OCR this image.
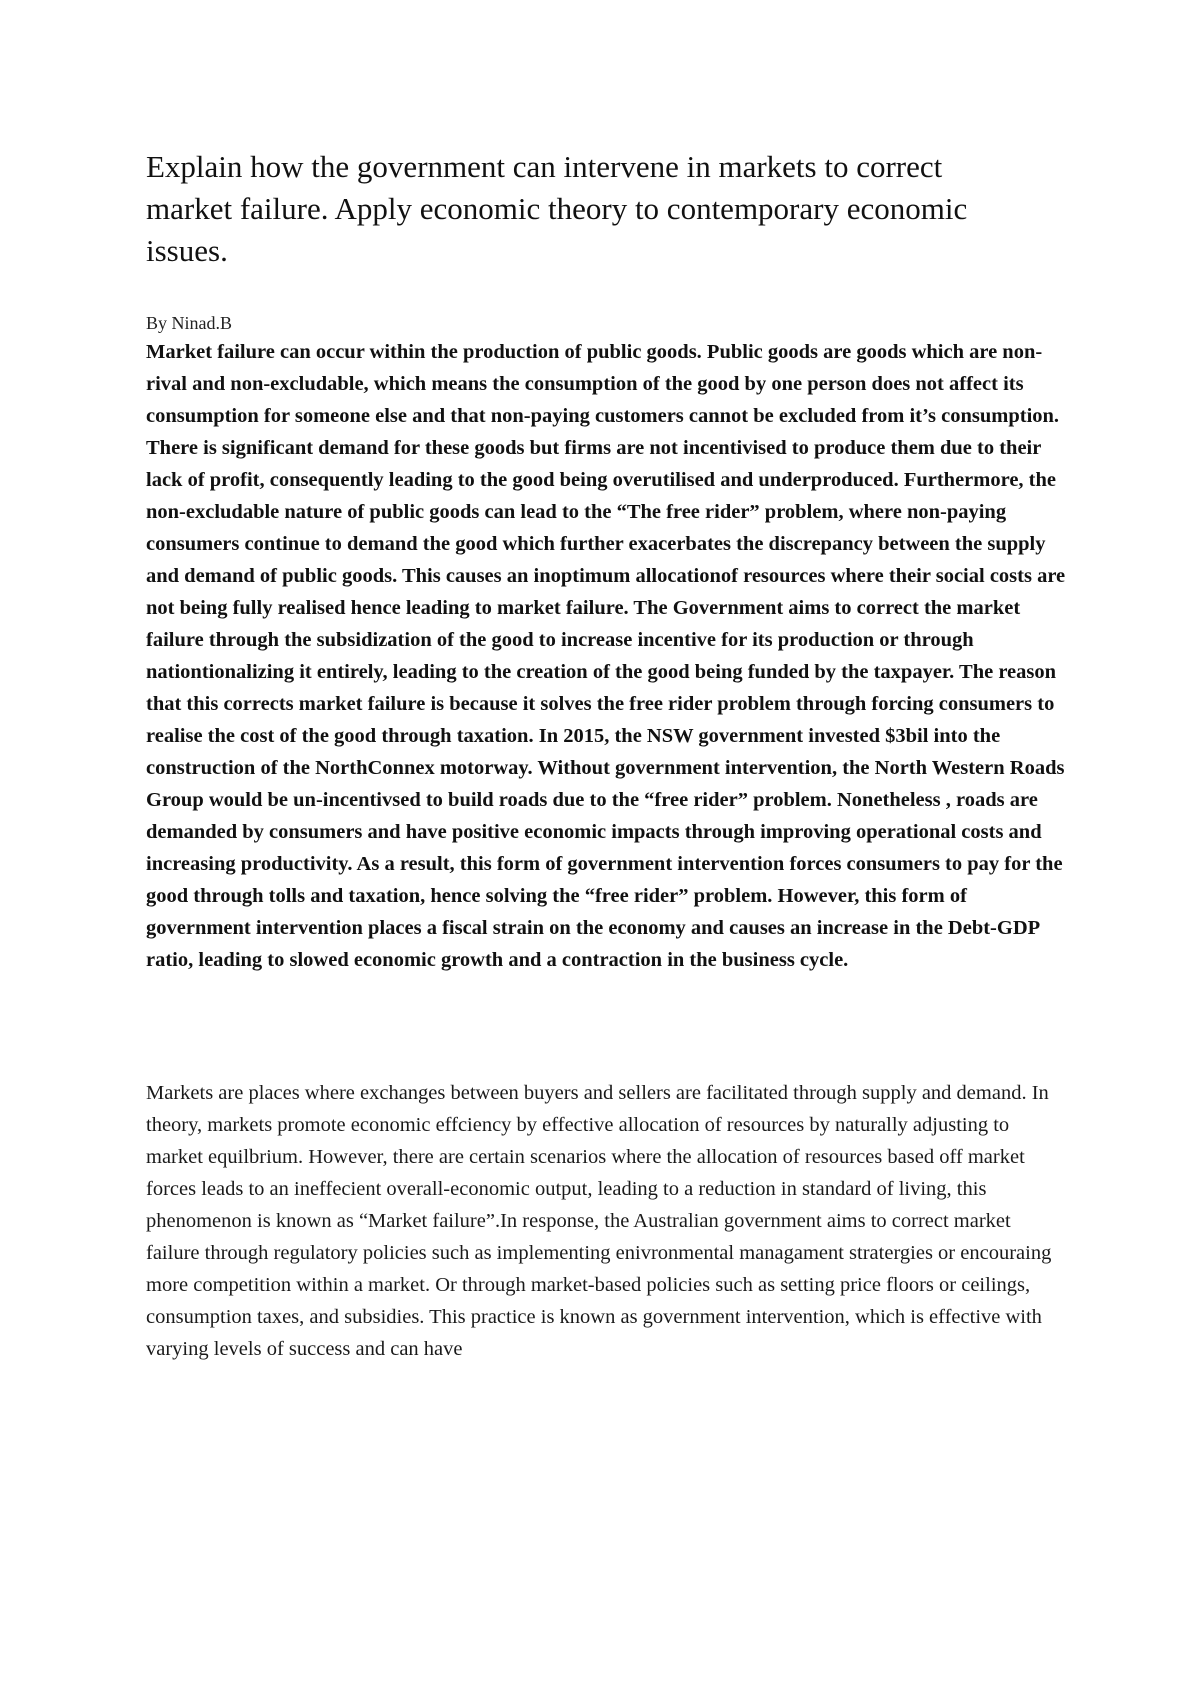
Explain how the government can intervene in markets to correct market failure. Apply economic theory to contemporary economic issues.
By Ninad.B

Market failure can occur within the production of public goods. Public goods are goods which are non-rival and non-excludable, which means the consumption of the good by one person does not affect its consumption for someone else and that non-paying customers cannot be excluded from it’s consumption. There is significant demand for these goods but firms are not incentivised to produce them due to their lack of profit, consequently leading to the good being overutilised and underproduced. Furthermore, the non-excludable nature of public goods can lead to the “The free rider” problem, where non-paying consumers continue to demand the good which further exacerbates the discrepancy between the supply and demand of public goods. This causes an inoptimum allocationof resources where their social costs are not being fully realised hence leading to market failure. The Government aims to correct the market failure through the subsidization of the good to increase incentive for its production or through nationtionalizing it entirely, leading to the creation of the good being funded by the taxpayer. The reason that this corrects market failure is because it solves the free rider problem through forcing consumers to realise the cost of the good through taxation. In 2015, the NSW government invested $3bil into the construction of the NorthConnex motorway. Without government intervention, the North Western Roads Group would be un-incentivsed to build roads due to the “free rider” problem. Nonetheless , roads are demanded by consumers and have positive economic impacts through improving operational costs and increasing productivity. As a result, this form of government intervention forces consumers to pay for the good through tolls and taxation, hence solving the “free rider” problem. However, this form of government intervention places a fiscal strain on the economy and causes an increase in the Debt-GDP ratio, leading to slowed economic growth and a contraction in the business cycle.

Markets are places where exchanges between buyers and sellers are facilitated through supply and demand. In theory, markets promote economic effciency by effective allocation of resources by naturally adjusting to market equilbrium. However, there are certain scenarios where the allocation of resources based off market forces leads to an ineffecient overall-economic output, leading to a reduction in standard of living, this phenomenon is known as “Market failure”.In response, the Australian government aims to correct market failure through regulatory policies such as implementing enivronmental managament stratergies or encouraing more competition within a market. Or through market-based policies such as setting price floors or ceilings, consumption taxes, and subsidies. This practice is known as government intervention, which is effective with varying levels of success and can have
